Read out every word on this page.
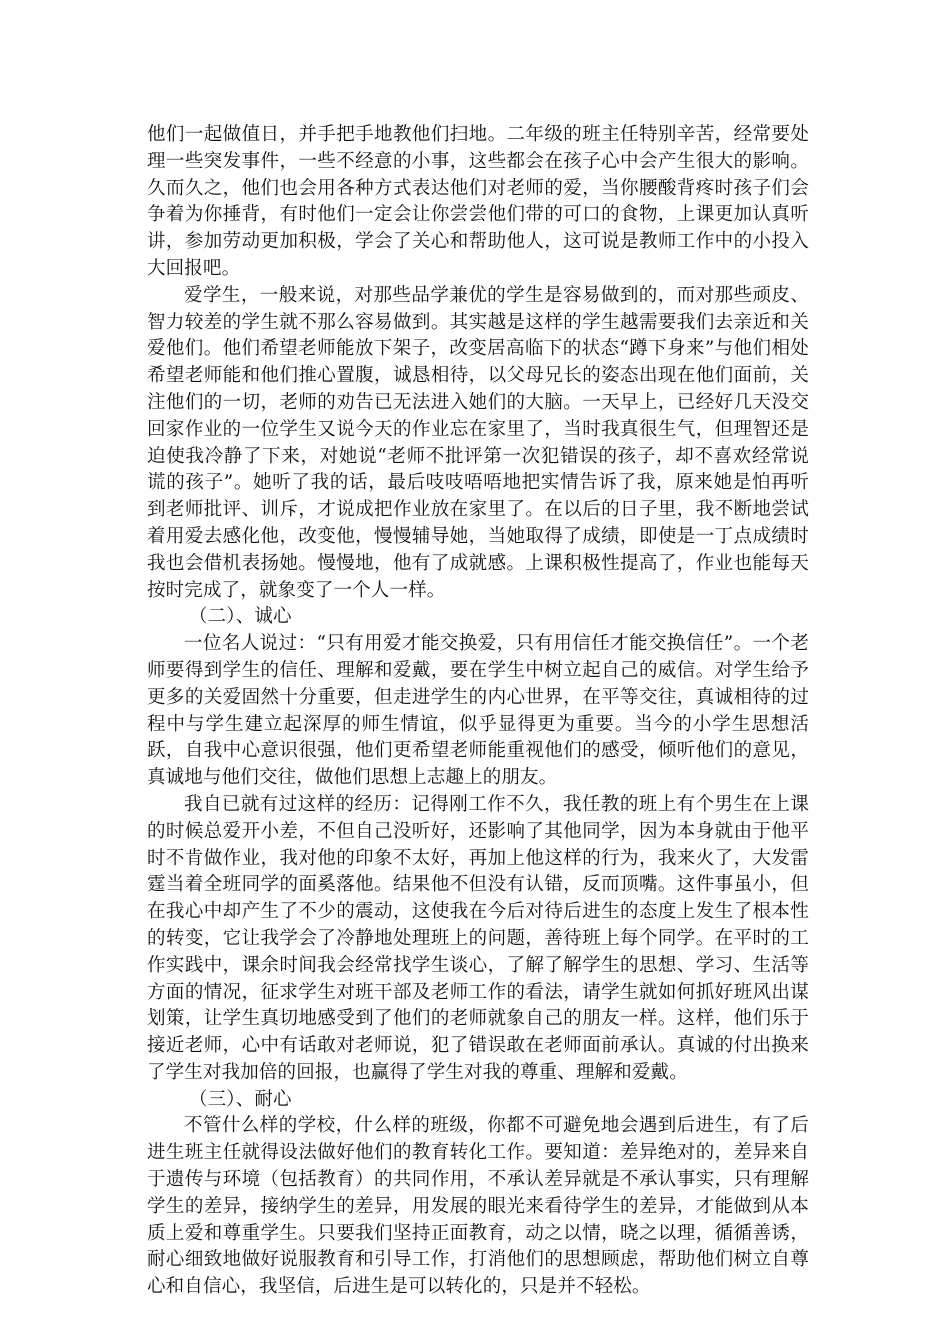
他们一起做值日，并手把手地教他们扫地。二年级的班主任特别辛苦，经常要处理一些突发事件，一些不经意的小事，这些都会在孩子心中会产生很大的影响。久而久之，他们也会用各种方式表达他们对老师的爱，当你腰酸背疼时孩子们会争着为你捶背，有时他们一定会让你尝尝他们带的可口的食物，上课更加认真听讲，参加劳动更加积极，学会了关心和帮助他人，这可说是教师工作中的小投入大回报吧。

爱学生，一般来说，对那些品学兼优的学生是容易做到的，而对那些顽皮、智力较差的学生就不那么容易做到。其实越是这样的学生越需要我们去亲近和关爱他们。他们希望老师能放下架子，改变居高临下的状态“蹲下身来”与他们相处希望老师能和他们推心置腹，诚恳相待，以父母兄长的姿态出现在他们面前，关注他们的一切，老师的劝告已无法进入她们的大脑。一天早上，已经好几天没交回家作业的一位学生又说今天的作业忘在家里了，当时我真很生气，但理智还是迫使我冷静了下来，对她说“老师不批评第一次犯错误的孩子，却不喜欢经常说谎的孩子”。她听了我的话，最后吱吱唔唔地把实情告诉了我，原来她是怕再听到老师批评、训斥，才说成把作业放在家里了。在以后的日子里，我不断地尝试着用爱去感化他，改变他，慢慢辅导她，当她取得了成绩，即使是一丁点成绩时我也会借机表扬她。慢慢地，他有了成就感。上课积极性提高了，作业也能每天按时完成了，就象变了一个人一样。

（二）、诚心

一位名人说过：“只有用爱才能交换爱，只有用信任才能交换信任”。一个老师要得到学生的信任、理解和爱戴，要在学生中树立起自己的威信。对学生给予更多的关爱固然十分重要，但走进学生的内心世界，在平等交往，真诚相待的过程中与学生建立起深厚的师生情谊，似乎显得更为重要。当今的小学生思想活跃，自我中心意识很强，他们更希望老师能重视他们的感受，倾听他们的意见，真诚地与他们交往，做他们思想上志趣上的朋友。

我自已就有过这样的经历：记得刚工作不久，我任教的班上有个男生在上课的时候总爱开小差，不但自己没听好，还影响了其他同学，因为本身就由于他平时不肯做作业，我对他的印象不太好，再加上他这样的行为，我来火了，大发雷霆当着全班同学的面奚落他。结果他不但没有认错，反而顶嘴。这件事虽小，但在我心中却产生了不少的震动，这使我在今后对待后进生的态度上发生了根本性的转变，它让我学会了冷静地处理班上的问题，善待班上每个同学。在平时的工作实践中，课余时间我会经常找学生谈心，了解了解学生的思想、学习、生活等方面的情况，征求学生对班干部及老师工作的看法，请学生就如何抓好班风出谋划策，让学生真切地感受到了他们的老师就象自己的朋友一样。这样，他们乐于接近老师，心中有话敢对老师说，犯了错误敢在老师面前承认。真诚的付出换来了学生对我加倍的回报，也赢得了学生对我的尊重、理解和爱戴。

（三）、耐心

不管什么样的学校，什么样的班级，你都不可避免地会遇到后进生，有了后进生班主任就得设法做好他们的教育转化工作。要知道：差异绝对的，差异来自于遗传与环境（包括教育）的共同作用，不承认差异就是不承认事实，只有理解学生的差异，接纳学生的差异，用发展的眼光来看待学生的差异，才能做到从本质上爱和尊重学生。只要我们坚持正面教育，动之以情，晓之以理，循循善诱，耐心细致地做好说服教育和引导工作，打消他们的思想顾虑，帮助他们树立自尊心和自信心，我坚信，后进生是可以转化的，只是并不轻松。
